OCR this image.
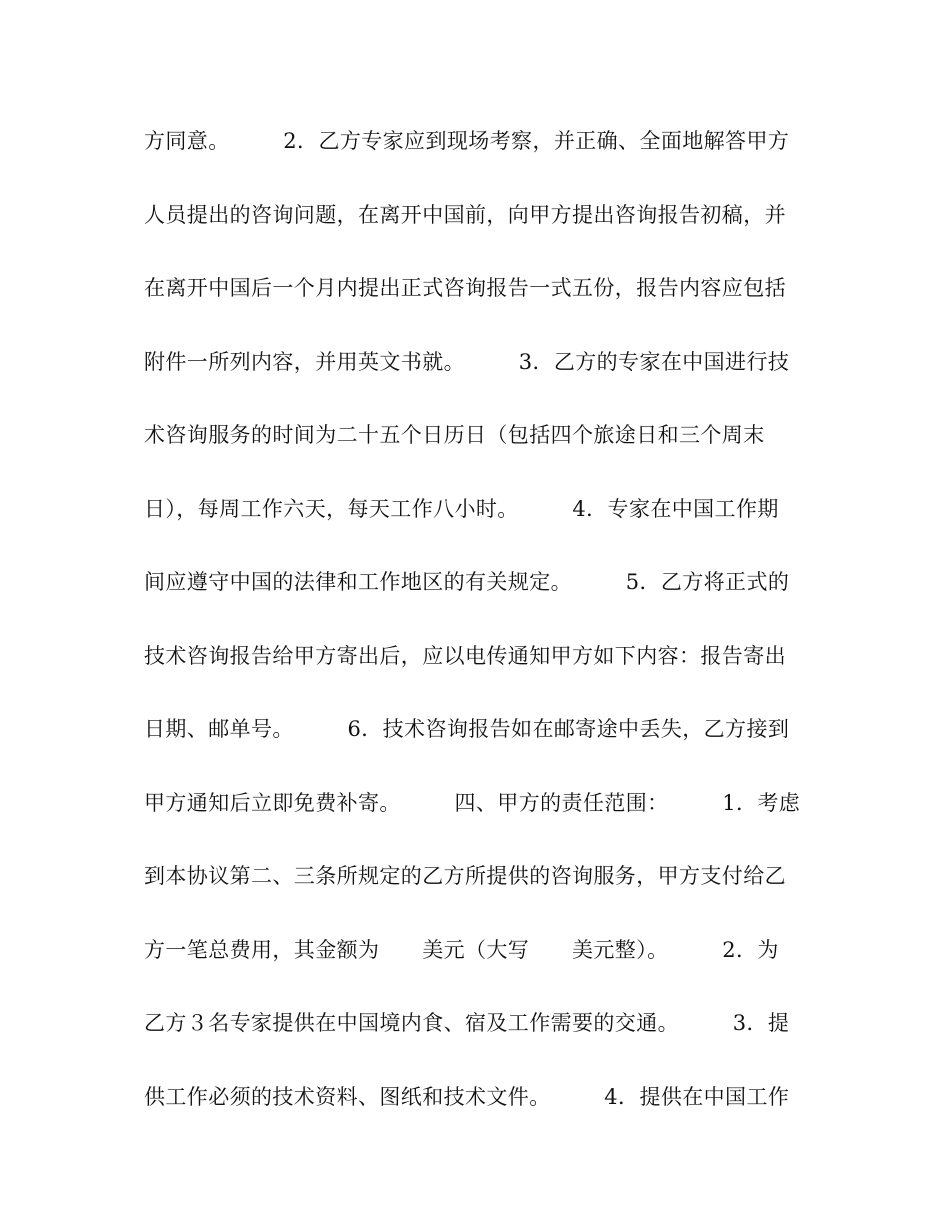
方同意。　　　2．乙方专家应到现场考察，并正确、全面地解答甲方
人员提出的咨询问题，在离开中国前，向甲方提出咨询报告初稿，并
在离开中国后一个月内提出正式咨询报告一式五份，报告内容应包括
附件一所列内容，并用英文书就。　　　3．乙方的专家在中国进行技
术咨询服务的时间为二十五个日历日（包括四个旅途日和三个周末
日），每周工作六天，每天工作八小时。　　　4．专家在中国工作期
间应遵守中国的法律和工作地区的有关规定。　　　5．乙方将正式的
技术咨询报告给甲方寄出后，应以电传通知甲方如下内容：报告寄出
日期、邮单号。　　　6．技术咨询报告如在邮寄途中丢失，乙方接到
甲方通知后立即免费补寄。　　　四、甲方的责任范围：　　　1．考虑
到本协议第二、三条所规定的乙方所提供的咨询服务，甲方支付给乙
方一笔总费用，其金额为　　美元（大写　　美元整）。　　　2．为
乙方３名专家提供在中国境内食、宿及工作需要的交通。　　　3．提
供工作必须的技术资料、图纸和技术文件。　　　4．提供在中国工作
